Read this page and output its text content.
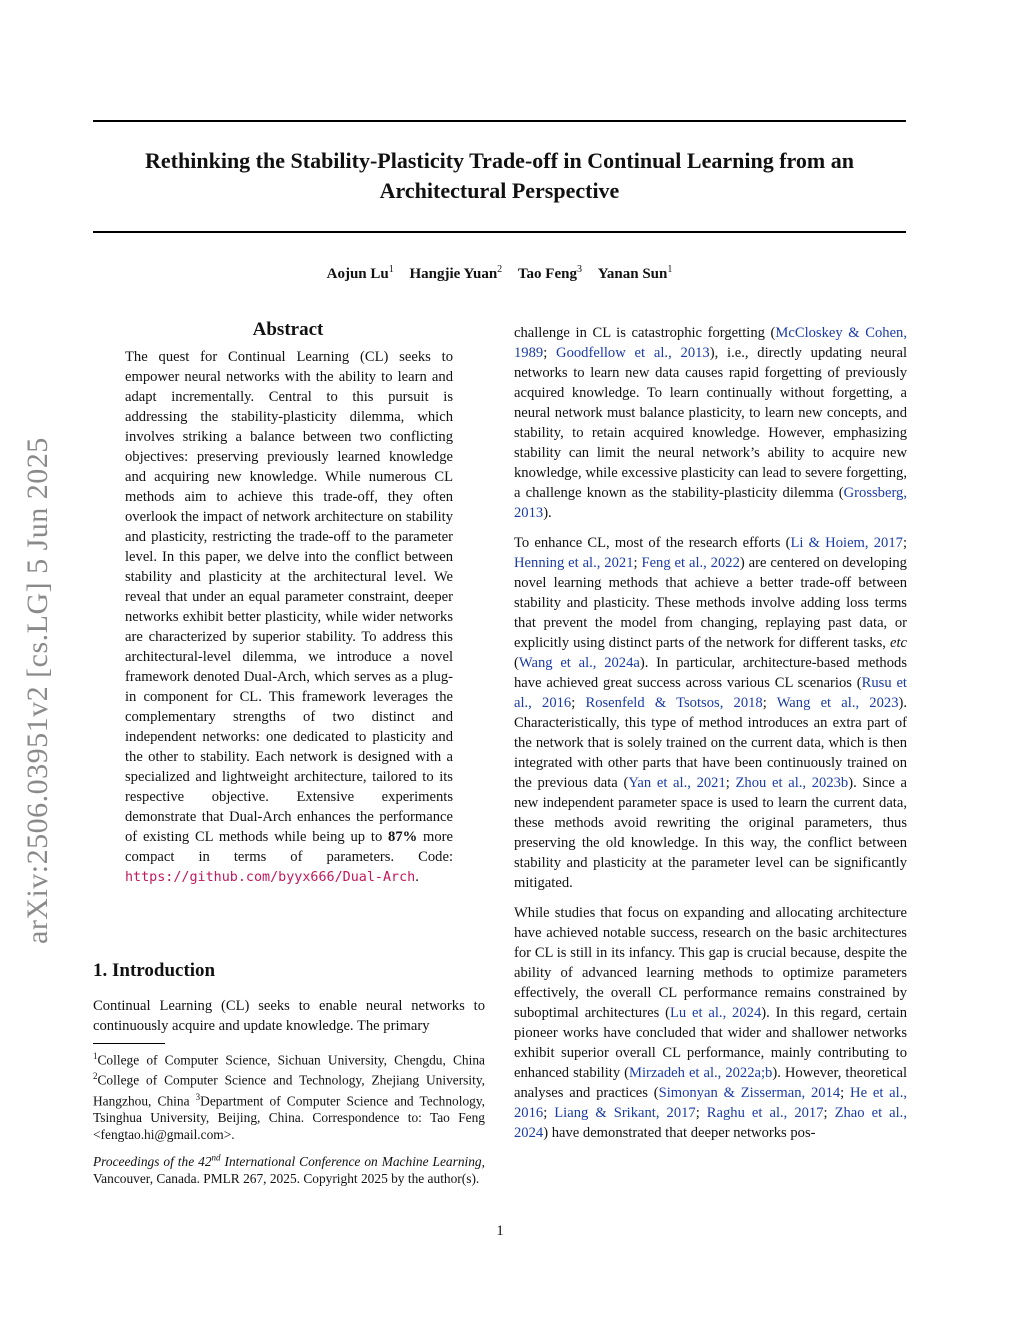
Rethinking the Stability-Plasticity Trade-off in Continual Learning from an
Architectural Perspective
Aojun Lu$^1$ Hangjie Yuan$^2$ Tao Feng$^3$ Yanan Sun$^1$
arXiv:2506.03951v2 [cs.LG] 5 Jun 2025
Abstract
The quest for Continual Learning (CL) seeks to empower neural networks with the ability to learn and adapt incrementally. Central to this pursuit is addressing the stability-plasticity dilemma, which involves striking a balance between two conflicting objectives: preserving previously learned knowledge and acquiring new knowledge. While numerous CL methods aim to achieve this trade-off, they often overlook the impact of network architecture on stability and plasticity, restricting the trade-off to the parameter level. In this paper, we delve into the conflict between stability and plasticity at the architectural level. We reveal that under an equal parameter constraint, deeper networks exhibit better plasticity, while wider networks are characterized by superior stability. To address this architectural-level dilemma, we introduce a novel framework denoted Dual-Arch, which serves as a plug-in component for CL. This framework leverages the complementary strengths of two distinct and independent networks: one dedicated to plasticity and the other to stability. Each network is designed with a specialized and lightweight architecture, tailored to its respective objective. Extensive experiments demonstrate that Dual-Arch enhances the performance of existing CL methods while being up to 87% more compact in terms of parameters. Code: https://github.com/byyx666/Dual-Arch.
1. Introduction
Continual Learning (CL) seeks to enable neural networks to continuously acquire and update knowledge. The primary
$^1$College of Computer Science, Sichuan University, Chengdu, China $^2$College of Computer Science and Technology, Zhejiang University, Hangzhou, China $^3$Department of Computer Science and Technology, Tsinghua University, Beijing, China. Correspondence to: Tao Feng <fengtao.hi@gmail.com>.
Proceedings of the 42nd International Conference on Machine Learning, Vancouver, Canada. PMLR 267, 2025. Copyright 2025 by the author(s).

challenge in CL is catastrophic forgetting (McCloskey & Cohen, 1989; Goodfellow et al., 2013), i.e., directly updating neural networks to learn new data causes rapid forgetting of previously acquired knowledge. To learn continually without forgetting, a neural network must balance plasticity, to learn new concepts, and stability, to retain acquired knowledge. However, emphasizing stability can limit the neural network’s ability to acquire new knowledge, while excessive plasticity can lead to severe forgetting, a challenge known as the stability-plasticity dilemma (Grossberg, 2013).

To enhance CL, most of the research efforts (Li & Hoiem, 2017; Henning et al., 2021; Feng et al., 2022) are centered on developing novel learning methods that achieve a better trade-off between stability and plasticity. These methods involve adding loss terms that prevent the model from changing, replaying past data, or explicitly using distinct parts of the network for different tasks, etc (Wang et al., 2024a). In particular, architecture-based methods have achieved great success across various CL scenarios (Rusu et al., 2016; Rosenfeld & Tsotsos, 2018; Wang et al., 2023). Characteristically, this type of method introduces an extra part of the network that is solely trained on the current data, which is then integrated with other parts that have been continuously trained on the previous data (Yan et al., 2021; Zhou et al., 2023b). Since a new independent parameter space is used to learn the current data, these methods avoid rewriting the original parameters, thus preserving the old knowledge. In this way, the conflict between stability and plasticity at the parameter level can be significantly mitigated.

While studies that focus on expanding and allocating architecture have achieved notable success, research on the basic architectures for CL is still in its infancy. This gap is crucial because, despite the ability of advanced learning methods to optimize parameters effectively, the overall CL performance remains constrained by suboptimal architectures (Lu et al., 2024). In this regard, certain pioneer works have concluded that wider and shallower networks exhibit superior overall CL performance, mainly contributing to enhanced stability (Mirzadeh et al., 2022a;b). However, theoretical analyses and practices (Simonyan & Zisserman, 2014; He et al., 2016; Liang & Srikant, 2017; Raghu et al., 2017; Zhao et al., 2024) have demonstrated that deeper networks pos-

1
